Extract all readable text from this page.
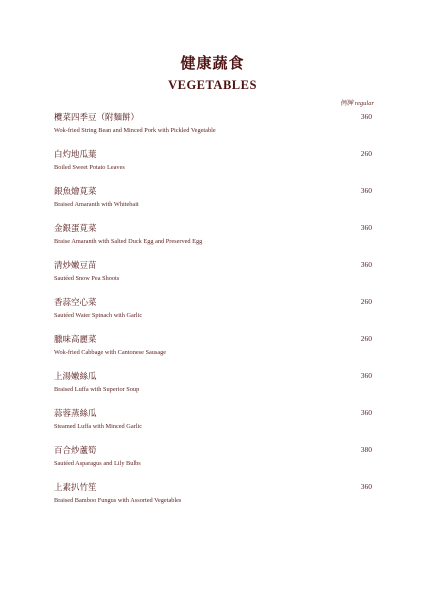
健康蔬食
VEGETABLES
例牌 regular
欖菜四季豆（附麵餅）
Wok-fried String Bean and Minced Pork with Pickled Vegetable
360
白灼地瓜葉
Boiled Sweet Potato Leaves
260
銀魚燴莧菜
Braised Amaranth with Whitebait
360
金銀蛋莧菜
Braise Amaranth with Salted Duck Egg and Preserved Egg
360
清炒嫩豆苗
Sautéed Snow Pea Shoots
360
香蒜空心菜
Sautéed Water Spinach with Garlic
260
臘味高麗菜
Wok-fried Cabbage with Cantonese Sausage
260
上湯嫩絲瓜
Braised Luffa with Superior Soup
360
蒜蓉蒸絲瓜
Steamed Luffa with Minced Garlic
360
百合炒蘆筍
Sautéed Asparagus and Lily Bulbs
380
上素扒竹笙
Braised Bamboo Fungus with Assorted Vegetables
360
